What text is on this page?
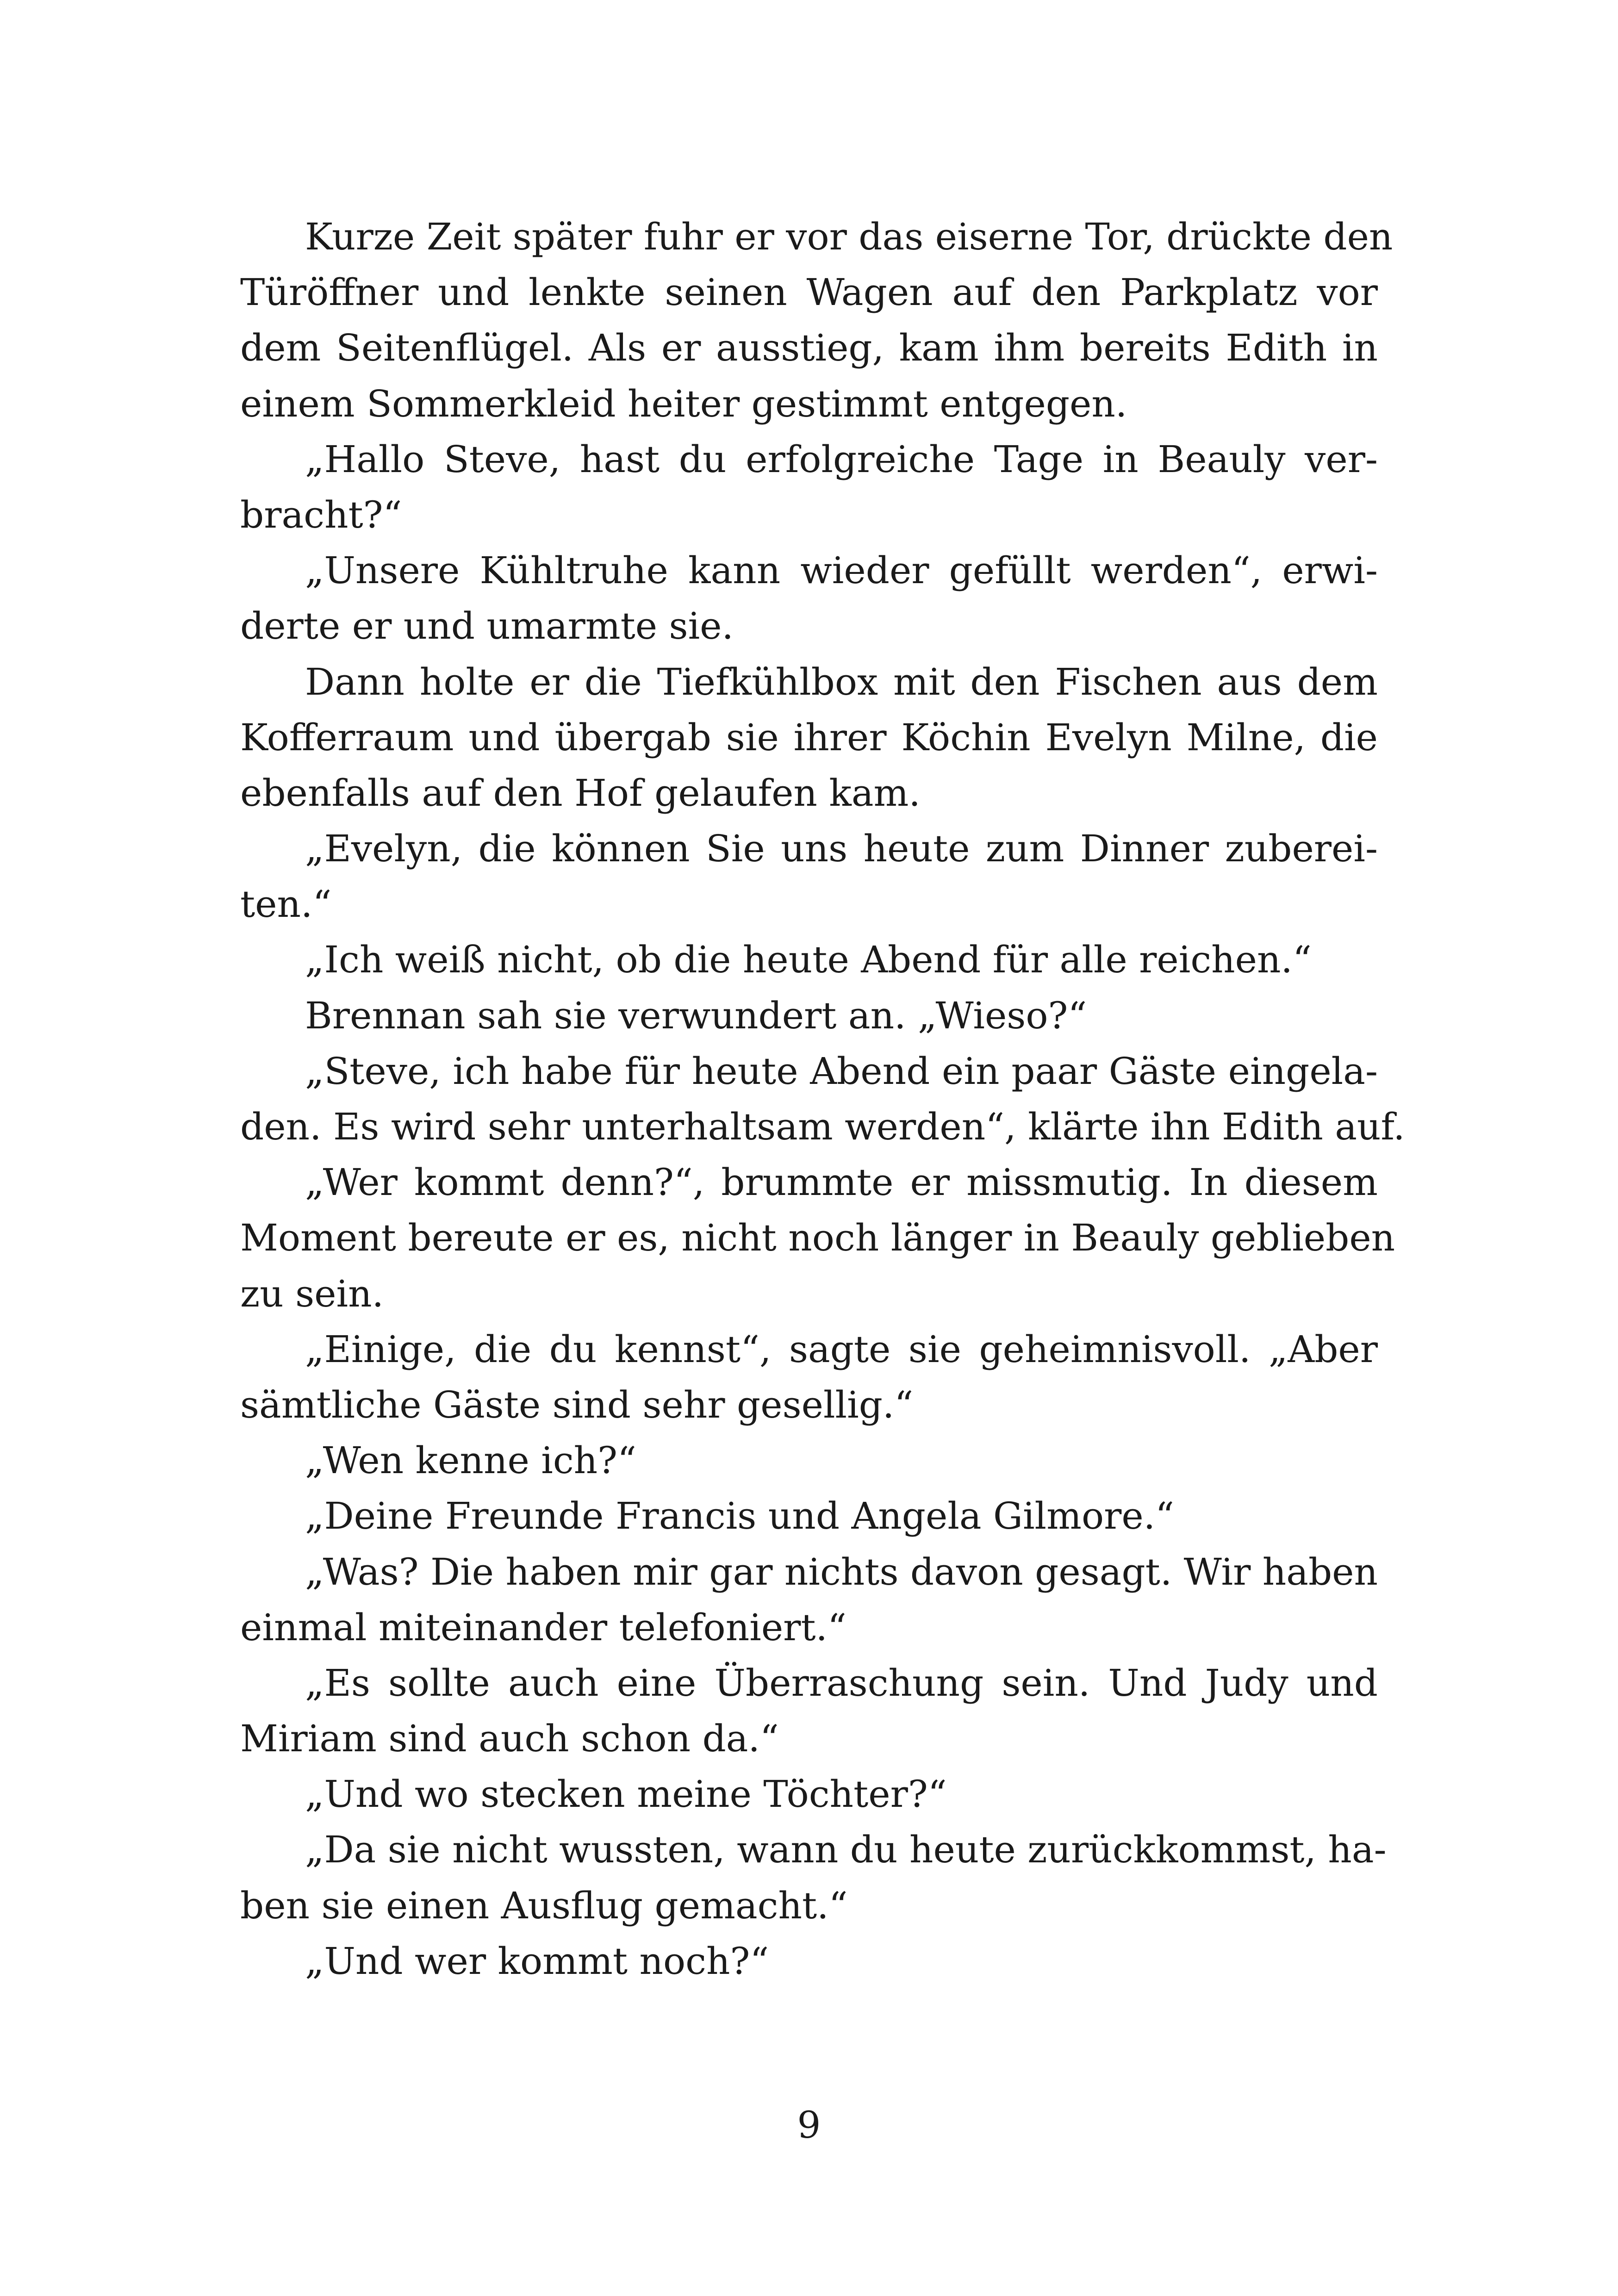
Kurze Zeit später fuhr er vor das eiserne Tor, drückte den
Türöffner und lenkte seinen Wagen auf den Parkplatz vor
dem Seitenflügel. Als er ausstieg, kam ihm bereits Edith in
einem Sommerkleid heiter gestimmt entgegen.
„Hallo Steve, hast du erfolgreiche Tage in Beauly ver-
bracht?“
„Unsere Kühltruhe kann wieder gefüllt werden“, erwi-
derte er und umarmte sie.
Dann holte er die Tiefkühlbox mit den Fischen aus dem
Kofferraum und übergab sie ihrer Köchin Evelyn Milne, die
ebenfalls auf den Hof gelaufen kam.
„Evelyn, die können Sie uns heute zum Dinner zuberei-
ten.“
„Ich weiß nicht, ob die heute Abend für alle reichen.“
Brennan sah sie verwundert an. „Wieso?“
„Steve, ich habe für heute Abend ein paar Gäste eingela-
den. Es wird sehr unterhaltsam werden“, klärte ihn Edith auf.
„Wer kommt denn?“, brummte er missmutig. In diesem
Moment bereute er es, nicht noch länger in Beauly geblieben
zu sein.
„Einige, die du kennst“, sagte sie geheimnisvoll. „Aber
sämtliche Gäste sind sehr gesellig.“
„Wen kenne ich?“
„Deine Freunde Francis und Angela Gilmore.“
„Was? Die haben mir gar nichts davon gesagt. Wir haben
einmal miteinander telefoniert.“
„Es sollte auch eine Überraschung sein. Und Judy und
Miriam sind auch schon da.“
„Und wo stecken meine Töchter?“
„Da sie nicht wussten, wann du heute zurückkommst, ha-
ben sie einen Ausflug gemacht.“
„Und wer kommt noch?“
9
